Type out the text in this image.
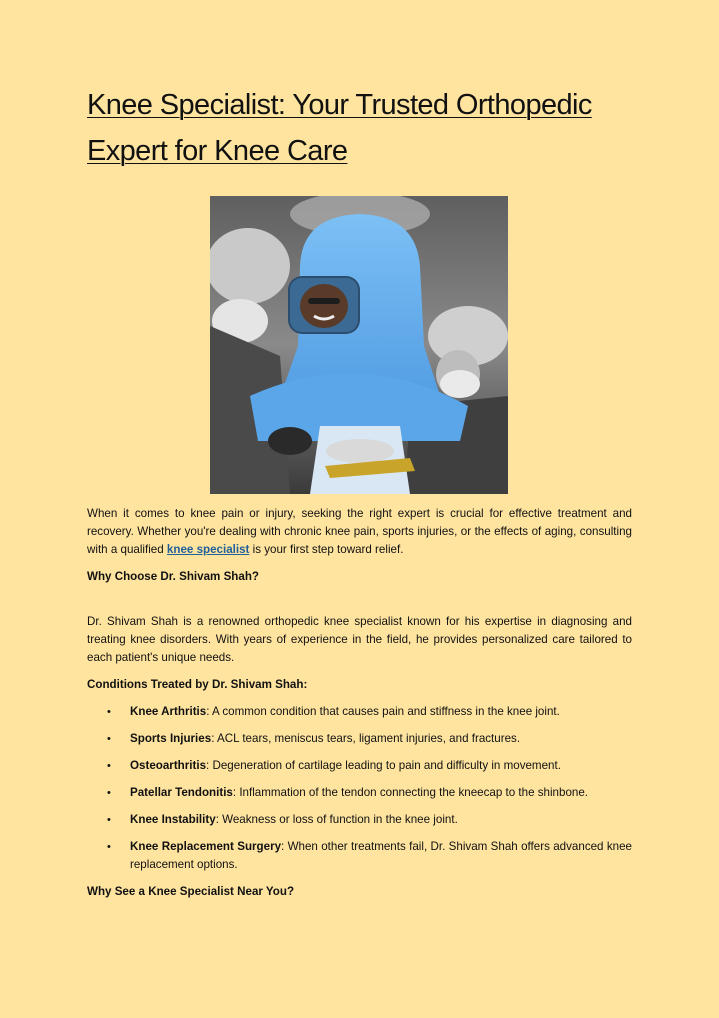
Knee Specialist: Your Trusted Orthopedic
Expert for Knee Care

When it comes to knee pain or injury, seeking the right expert is crucial for effective treatment and recovery. Whether you're dealing with chronic knee pain, sports injuries, or the effects of aging, consulting with a qualified knee specialist is your first step toward relief.

Why Choose Dr. Shivam Shah?

Dr. Shivam Shah is a renowned orthopedic knee specialist known for his expertise in diagnosing and treating knee disorders. With years of experience in the field, he provides personalized care tailored to each patient's unique needs.

Conditions Treated by Dr. Shivam Shah:

• Knee Arthritis: A common condition that causes pain and stiffness in the knee joint.
• Sports Injuries: ACL tears, meniscus tears, ligament injuries, and fractures.
• Osteoarthritis: Degeneration of cartilage leading to pain and difficulty in movement.
• Patellar Tendonitis: Inflammation of the tendon connecting the kneecap to the shinbone.
• Knee Instability: Weakness or loss of function in the knee joint.
• Knee Replacement Surgery: When other treatments fail, Dr. Shivam Shah offers advanced knee replacement options.

Why See a Knee Specialist Near You?
